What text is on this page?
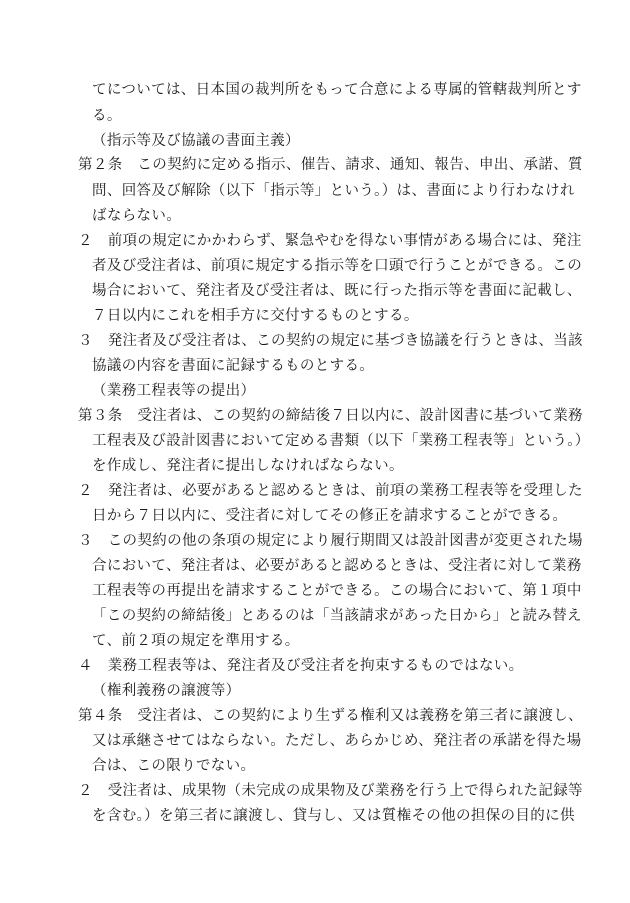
てについては、日本国の裁判所をもって合意による専属的管轄裁判所とす
る。
（指示等及び協議の書面主義）
第２条　この契約に定める指示、催告、請求、通知、報告、申出、承諾、質
問、回答及び解除（以下「指示等」という。）は、書面により行わなけれ
ばならない。
２　前項の規定にかかわらず、緊急やむを得ない事情がある場合には、発注
者及び受注者は、前項に規定する指示等を口頭で行うことができる。この
場合において、発注者及び受注者は、既に行った指示等を書面に記載し、
７日以内にこれを相手方に交付するものとする。
３　発注者及び受注者は、この契約の規定に基づき協議を行うときは、当該
協議の内容を書面に記録するものとする。
（業務工程表等の提出）
第３条　受注者は、この契約の締結後７日以内に、設計図書に基づいて業務
工程表及び設計図書において定める書類（以下「業務工程表等」という。）
を作成し、発注者に提出しなければならない。
２　発注者は、必要があると認めるときは、前項の業務工程表等を受理した
日から７日以内に、受注者に対してその修正を請求することができる。
３　この契約の他の条項の規定により履行期間又は設計図書が変更された場
合において、発注者は、必要があると認めるときは、受注者に対して業務
工程表等の再提出を請求することができる。この場合において、第１項中
「この契約の締結後」とあるのは「当該請求があった日から」と読み替え
て、前２項の規定を準用する。
４　業務工程表等は、発注者及び受注者を拘束するものではない。
（権利義務の譲渡等）
第４条　受注者は、この契約により生ずる権利又は義務を第三者に譲渡し、
又は承継させてはならない。ただし、あらかじめ、発注者の承諾を得た場
合は、この限りでない。
２　受注者は、成果物（未完成の成果物及び業務を行う上で得られた記録等
を含む。）を第三者に譲渡し、貸与し、又は質権その他の担保の目的に供
